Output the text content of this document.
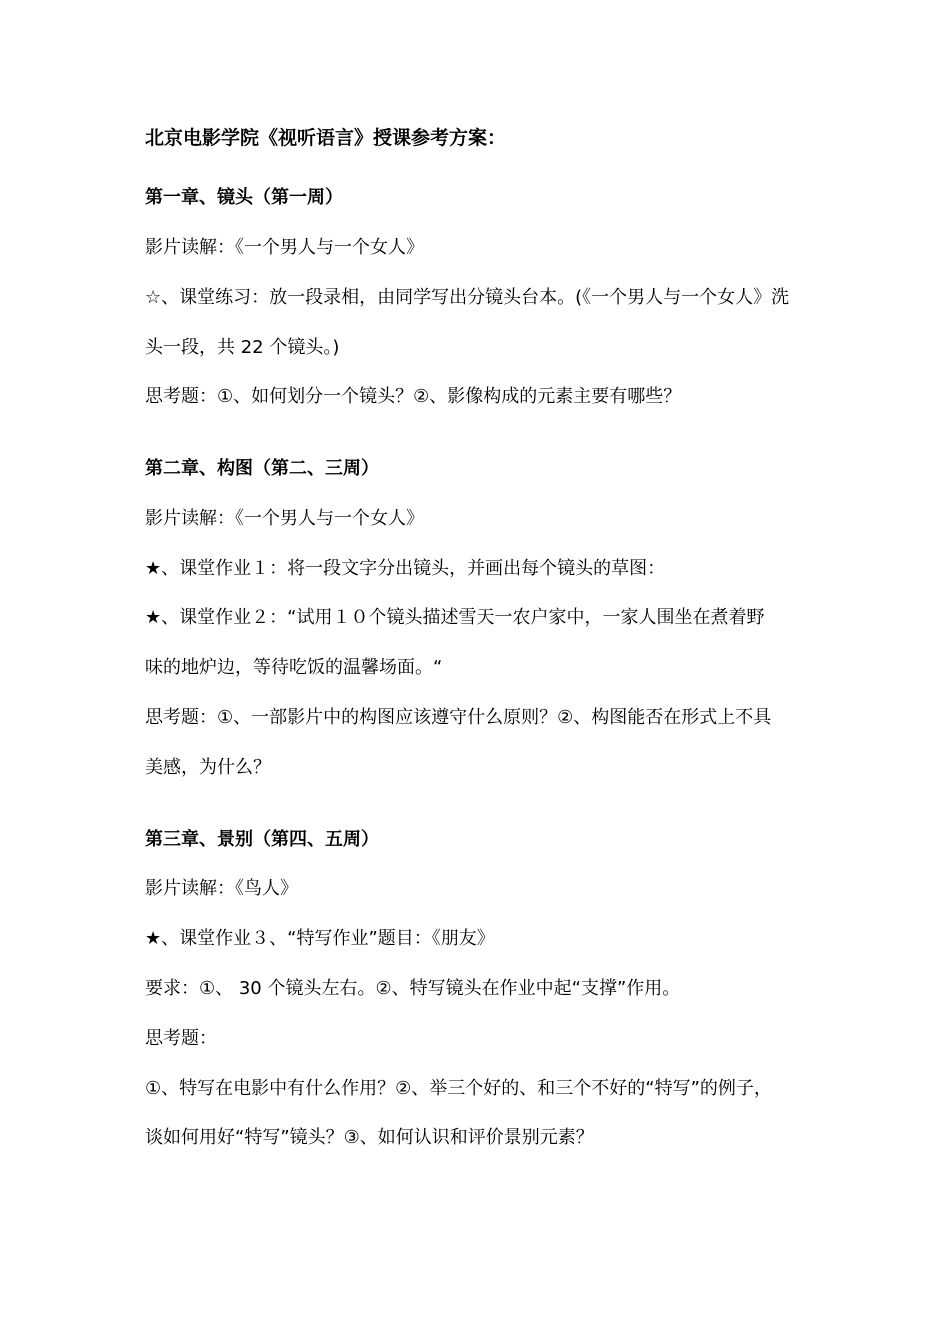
北京电影学院《视听语言》授课参考方案：
第一章、镜头（第一周）
影片读解：《一个男人与一个女人》
☆、课堂练习：放一段录相，由同学写出分镜头台本。(《一个男人与一个女人》洗
头一段，共 22 个镜头。)
思考题：①、如何划分一个镜头？②、影像构成的元素主要有哪些？
第二章、构图（第二、三周）
影片读解：《一个男人与一个女人》
★、课堂作业１：将一段文字分出镜头，并画出每个镜头的草图：
★、课堂作业２：“试用１０个镜头描述雪天一农户家中，一家人围坐在煮着野
味的地炉边，等待吃饭的温馨场面。“
思考题：①、一部影片中的构图应该遵守什么原则？②、构图能否在形式上不具
美感，为什么？
第三章、景别（第四、五周）
影片读解：《鸟人》
★、课堂作业３、“特写作业”题目：《朋友》
要求：①、 30 个镜头左右。②、特写镜头在作业中起“支撑”作用。
思考题：
①、特写在电影中有什么作用？②、举三个好的、和三个不好的“特写”的例子，
谈如何用好“特写”镜头？③、如何认识和评价景别元素？
